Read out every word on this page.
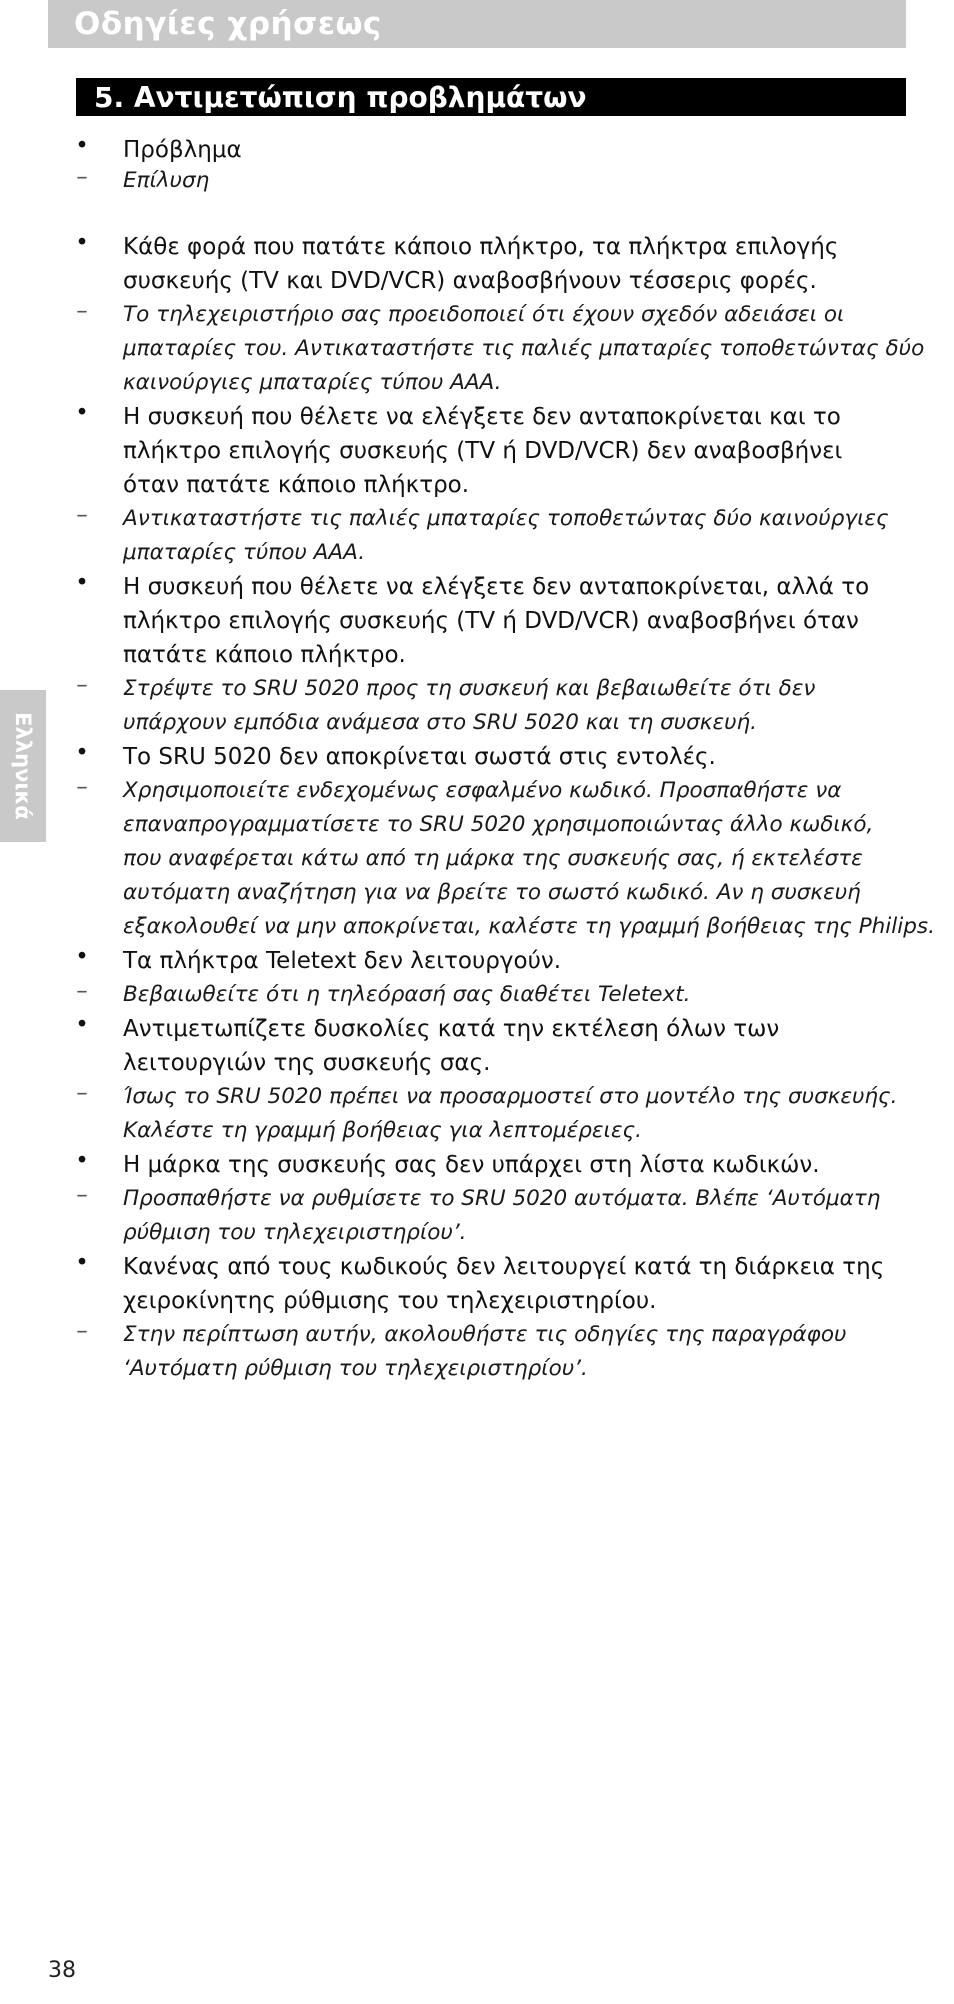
Οδηγίες χρήσεως
5. Αντιμετώπιση προβλημάτων
Ελληνικά
• Πρόβλημα
– Επίλυση
• Κάθε φορά που πατάτε κάποιο πλήκτρο, τα πλήκτρα επιλογής
συσκευής (TV και DVD/VCR) αναβοσβήνουν τέσσερις φορές.
– Το τηλεχειριστήριο σας προειδοποιεί ότι έχουν σχεδόν αδειάσει οι
μπαταρίες του. Αντικαταστήστε τις παλιές μπαταρίες τοποθετώντας δύο
καινούργιες μπαταρίες τύπου AAA.
• Η συσκευή που θέλετε να ελέγξετε δεν ανταποκρίνεται και το
πλήκτρο επιλογής συσκευής (TV ή DVD/VCR) δεν αναβοσβήνει
όταν πατάτε κάποιο πλήκτρο.
– Αντικαταστήστε τις παλιές μπαταρίες τοποθετώντας δύο καινούργιες
μπαταρίες τύπου AAA.
• Η συσκευή που θέλετε να ελέγξετε δεν ανταποκρίνεται, αλλά το
πλήκτρο επιλογής συσκευής (TV ή DVD/VCR) αναβοσβήνει όταν
πατάτε κάποιο πλήκτρο.
– Στρέψτε το SRU 5020 προς τη συσκευή και βεβαιωθείτε ότι δεν
υπάρχουν εμπόδια ανάμεσα στο SRU 5020 και τη συσκευή.
• Το SRU 5020 δεν αποκρίνεται σωστά στις εντολές.
– Χρησιμοποιείτε ενδεχομένως εσφαλμένο κωδικό. Προσπαθήστε να
επαναπρογραμματίσετε το SRU 5020 χρησιμοποιώντας άλλο κωδικό,
που αναφέρεται κάτω από τη μάρκα της συσκευής σας, ή εκτελέστε
αυτόματη αναζήτηση για να βρείτε το σωστό κωδικό. Αν η συσκευή
εξακολουθεί να μην αποκρίνεται, καλέστε τη γραμμή βοήθειας της Philips.
• Τα πλήκτρα Teletext δεν λειτουργούν.
– Βεβαιωθείτε ότι η τηλεόρασή σας διαθέτει Teletext.
• Αντιμετωπίζετε δυσκολίες κατά την εκτέλεση όλων των
λειτουργιών της συσκευής σας.
– Ίσως το SRU 5020 πρέπει να προσαρμοστεί στο μοντέλο της συσκευής.
Καλέστε τη γραμμή βοήθειας για λεπτομέρειες.
• Η μάρκα της συσκευής σας δεν υπάρχει στη λίστα κωδικών.
– Προσπαθήστε να ρυθμίσετε το SRU 5020 αυτόματα. Βλέπε ‘Αυτόματη
ρύθμιση του τηλεχειριστηρίου’.
• Κανένας από τους κωδικούς δεν λειτουργεί κατά τη διάρκεια της
χειροκίνητης ρύθμισης του τηλεχειριστηρίου.
– Στην περίπτωση αυτήν, ακολουθήστε τις οδηγίες της παραγράφου
‘Αυτόματη ρύθμιση του τηλεχειριστηρίου’.
38
